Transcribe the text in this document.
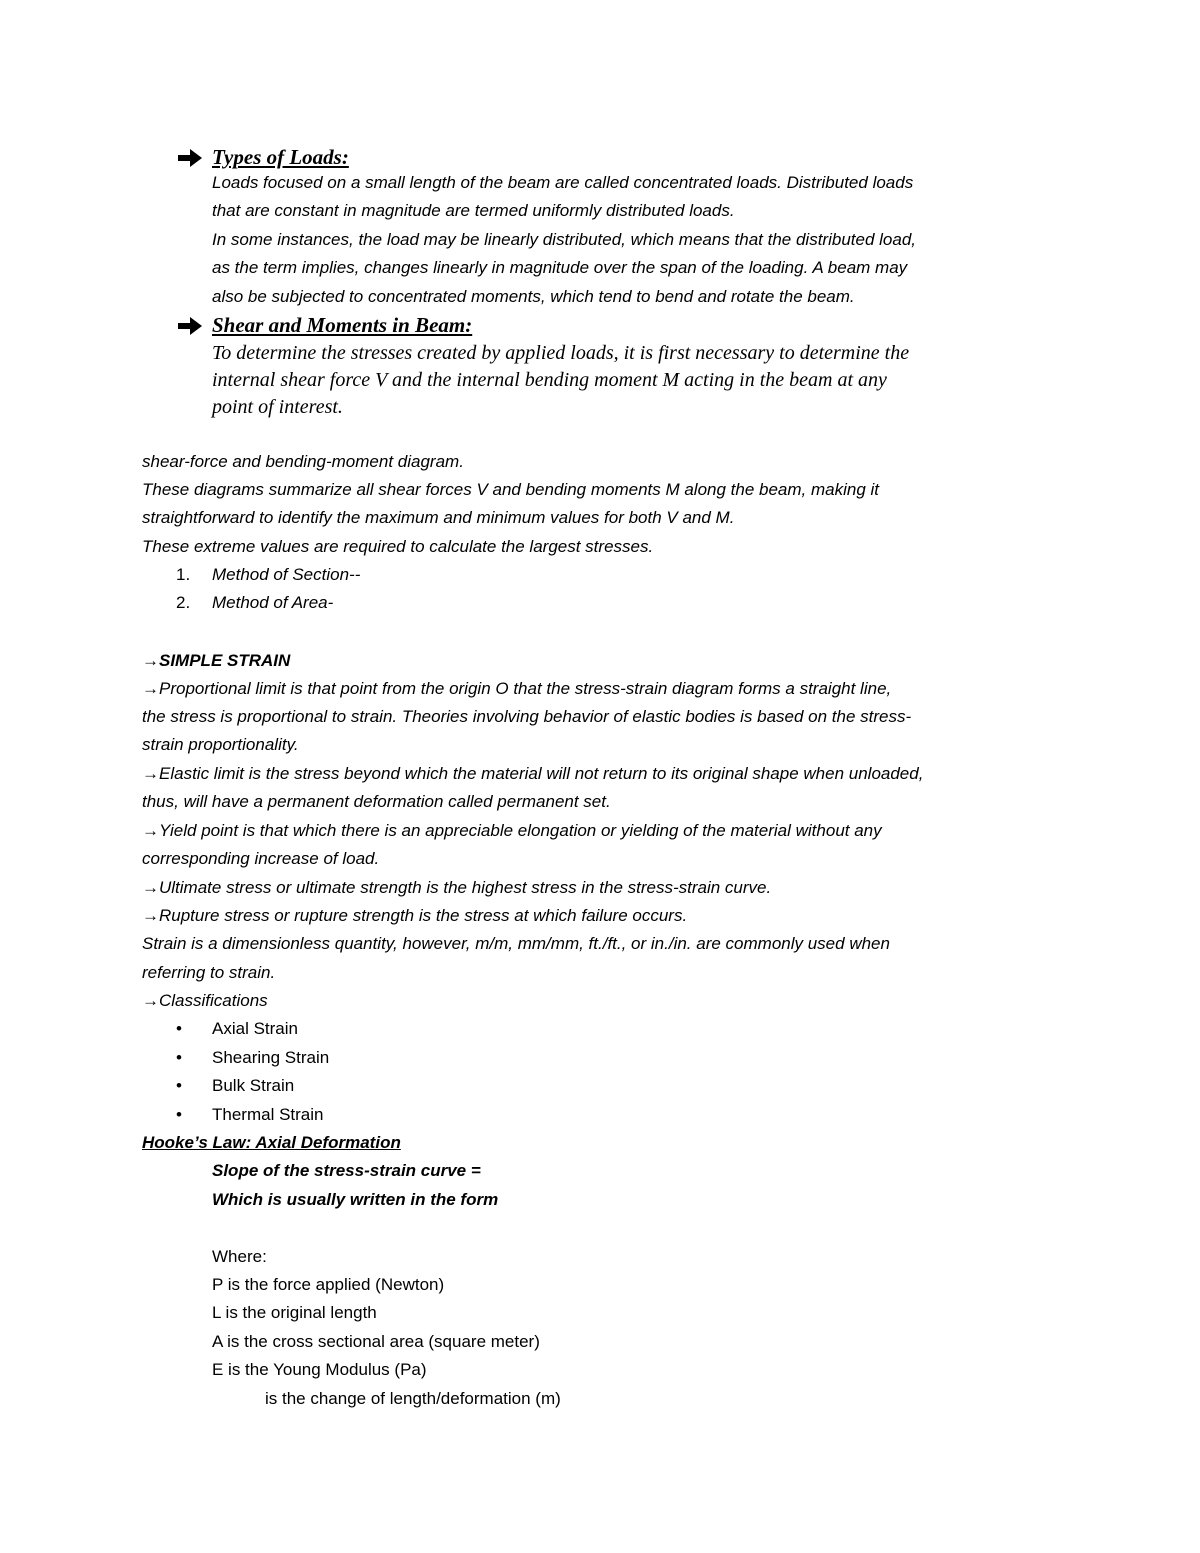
Types of Loads:
Loads focused on a small length of the beam are called concentrated loads. Distributed loads
that are constant in magnitude are termed uniformly distributed loads.
In some instances, the load may be linearly distributed, which means that the distributed load,
as the term implies, changes linearly in magnitude over the span of the loading. A beam may
also be subjected to concentrated moments, which tend to bend and rotate the beam.
Shear and Moments in Beam:
To determine the stresses created by applied loads, it is first necessary to determine the
internal shear force V and the internal bending moment M acting in the beam at any
point of interest.
shear-force and bending-moment diagram.
These diagrams summarize all shear forces V and bending moments M along the beam, making it
straightforward to identify the maximum and minimum values for both V and M.
These extreme values are required to calculate the largest stresses.
1. Method of Section--
2. Method of Area-
→SIMPLE STRAIN
→Proportional limit is that point from the origin O that the stress-strain diagram forms a straight line,
the stress is proportional to strain. Theories involving behavior of elastic bodies is based on the stress-
strain proportionality.
→Elastic limit is the stress beyond which the material will not return to its original shape when unloaded,
thus, will have a permanent deformation called permanent set.
→Yield point is that which there is an appreciable elongation or yielding of the material without any
corresponding increase of load.
→Ultimate stress or ultimate strength is the highest stress in the stress-strain curve.
→Rupture stress or rupture strength is the stress at which failure occurs.
Strain is a dimensionless quantity, however, m/m, mm/mm, ft./ft., or in./in. are commonly used when
referring to strain.
→Classifications
• Axial Strain
• Shearing Strain
• Bulk Strain
• Thermal Strain
Hooke’s Law: Axial Deformation
Slope of the stress-strain curve =
Which is usually written in the form
Where:
P is the force applied (Newton)
L is the original length
A is the cross sectional area (square meter)
E is the Young Modulus (Pa)
is the change of length/deformation (m)
